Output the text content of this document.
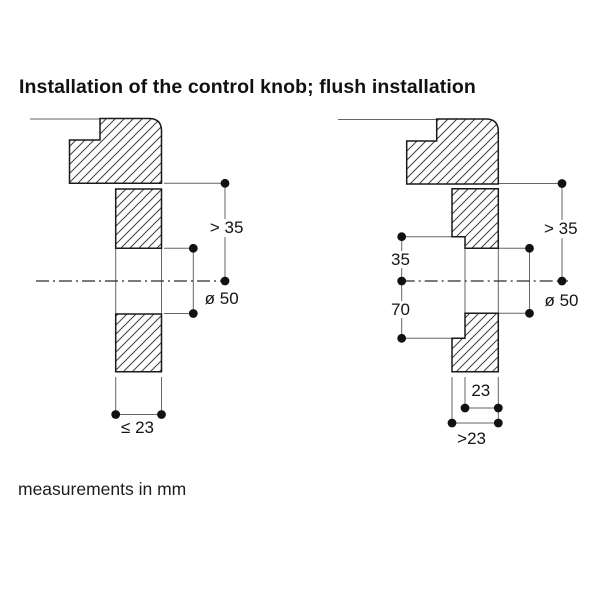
Installation of the control knob; flush installation
> 35
ø 50
≤ 23
35
70
> 35
ø 50
23
>23
measurements in mm
